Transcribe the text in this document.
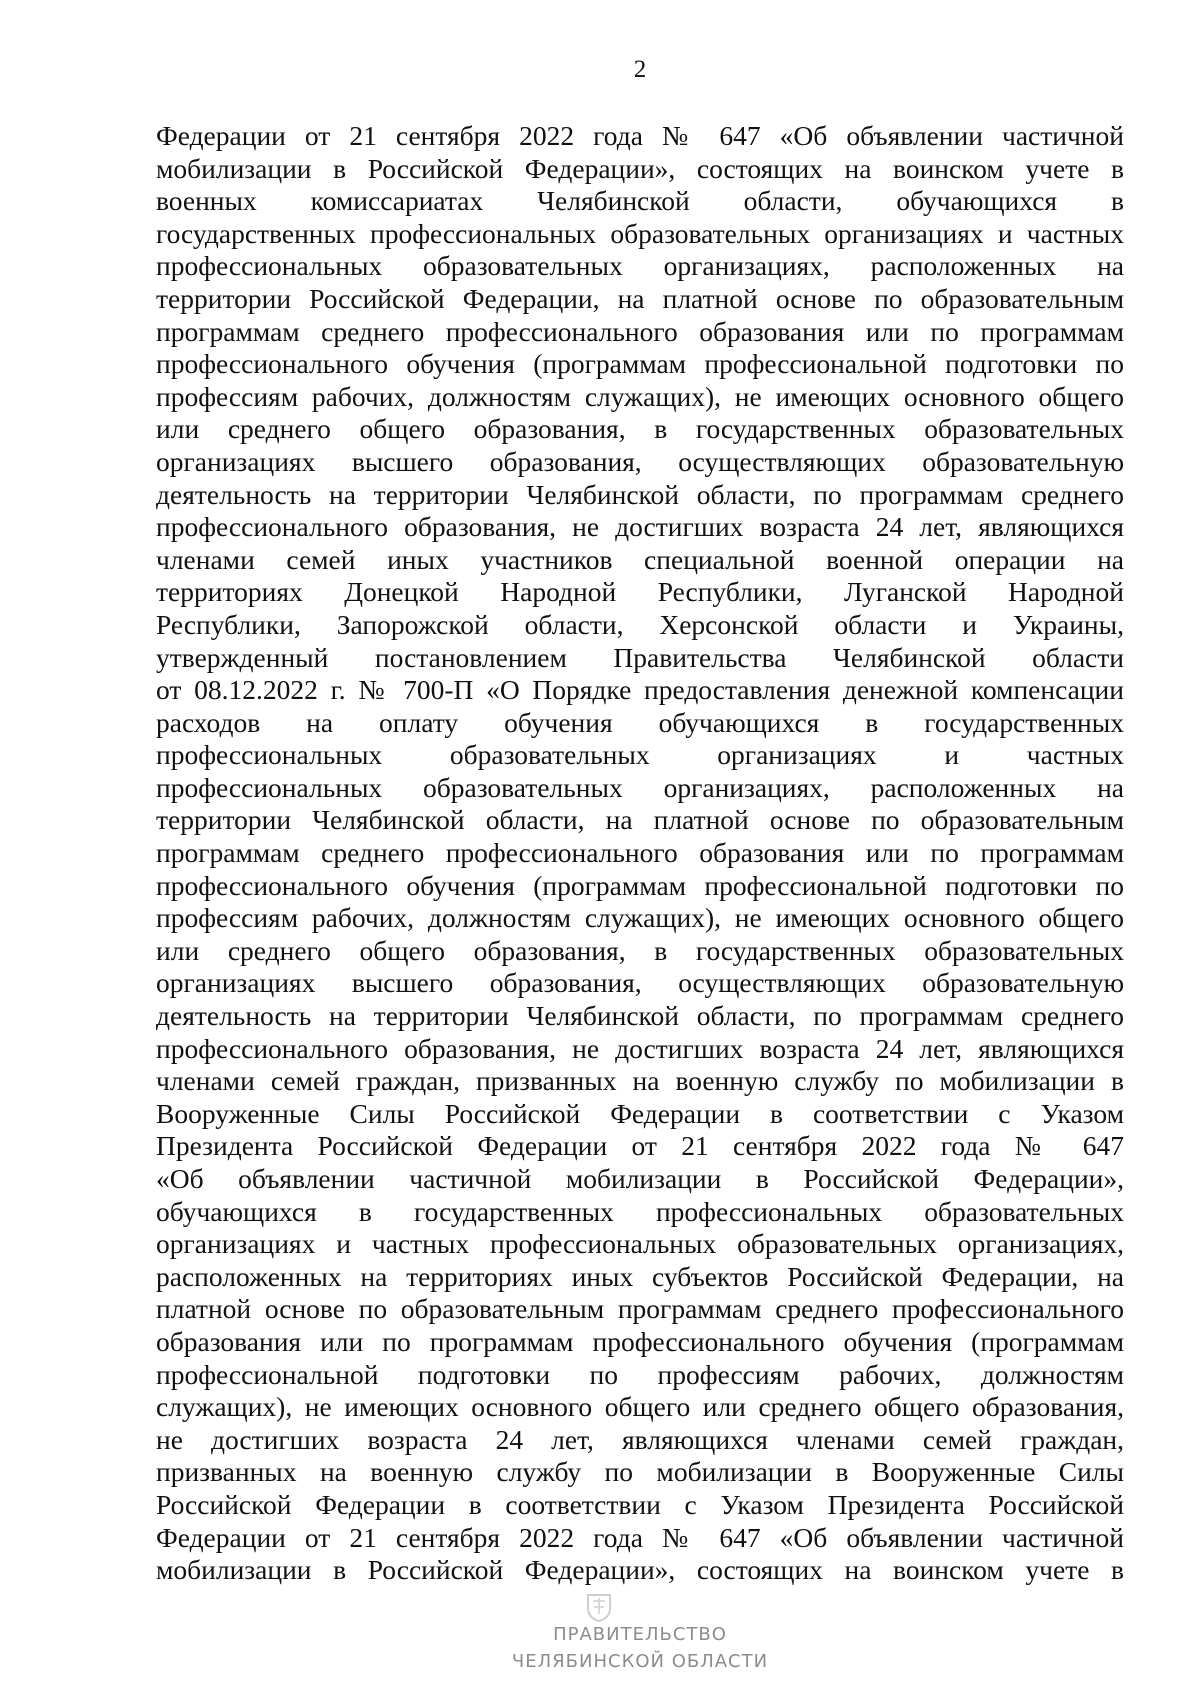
2
Федерации от 21 сентября 2022 года № 647 «Об объявлении частичной
мобилизации в Российской Федерации», состоящих на воинском учете в
военных комиссариатах Челябинской области, обучающихся в
государственных профессиональных образовательных организациях и частных
профессиональных образовательных организациях, расположенных на
территории Российской Федерации, на платной основе по образовательным
программам среднего профессионального образования или по программам
профессионального обучения (программам профессиональной подготовки по
профессиям рабочих, должностям служащих), не имеющих основного общего
или среднего общего образования, в государственных образовательных
организациях высшего образования, осуществляющих образовательную
деятельность на территории Челябинской области, по программам среднего
профессионального образования, не достигших возраста 24 лет, являющихся
членами семей иных участников специальной военной операции на
территориях Донецкой Народной Республики, Луганской Народной
Республики, Запорожской области, Херсонской области и Украины,
утвержденный постановлением Правительства Челябинской области
от 08.12.2022 г. № 700-П «О Порядке предоставления денежной компенсации
расходов на оплату обучения обучающихся в государственных
профессиональных образовательных организациях и частных
профессиональных образовательных организациях, расположенных на
территории Челябинской области, на платной основе по образовательным
программам среднего профессионального образования или по программам
профессионального обучения (программам профессиональной подготовки по
профессиям рабочих, должностям служащих), не имеющих основного общего
или среднего общего образования, в государственных образовательных
организациях высшего образования, осуществляющих образовательную
деятельность на территории Челябинской области, по программам среднего
профессионального образования, не достигших возраста 24 лет, являющихся
членами семей граждан, призванных на военную службу по мобилизации в
Вооруженные Силы Российской Федерации в соответствии с Указом
Президента Российской Федерации от 21 сентября 2022 года № 647
«Об объявлении частичной мобилизации в Российской Федерации»,
обучающихся в государственных профессиональных образовательных
организациях и частных профессиональных образовательных организациях,
расположенных на территориях иных субъектов Российской Федерации, на
платной основе по образовательным программам среднего профессионального
образования или по программам профессионального обучения (программам
профессиональной подготовки по профессиям рабочих, должностям
служащих), не имеющих основного общего или среднего общего образования,
не достигших возраста 24 лет, являющихся членами семей граждан,
призванных на военную службу по мобилизации в Вооруженные Силы
Российской Федерации в соответствии с Указом Президента Российской
Федерации от 21 сентября 2022 года № 647 «Об объявлении частичной
мобилизации в Российской Федерации», состоящих на воинском учете в
ПРАВИТЕЛЬСТВО
ЧЕЛЯБИНСКОЙ ОБЛАСТИ
